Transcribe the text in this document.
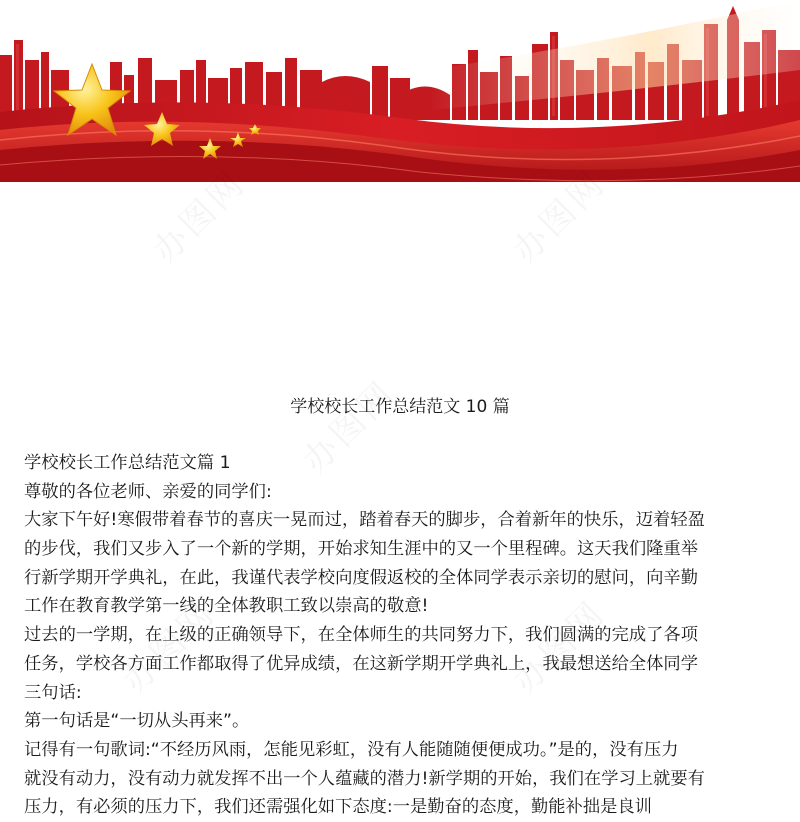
学校校长工作总结范文 10 篇
学校校长工作总结范文篇 1
尊敬的各位老师、亲爱的同学们:
大家下午好!寒假带着春节的喜庆一晃而过，踏着春天的脚步，合着新年的快乐，迈着轻盈
的步伐，我们又步入了一个新的学期，开始求知生涯中的又一个里程碑。这天我们隆重举
行新学期开学典礼，在此，我谨代表学校向度假返校的全体同学表示亲切的慰问，向辛勤
工作在教育教学第一线的全体教职工致以崇高的敬意!
过去的一学期，在上级的正确领导下，在全体师生的共同努力下，我们圆满的完成了各项
任务，学校各方面工作都取得了优异成绩，在这新学期开学典礼上，我最想送给全体同学
三句话:
第一句话是“一切从头再来”。
记得有一句歌词:“不经历风雨，怎能见彩虹，没有人能随随便便成功。”是的，没有压力
就没有动力，没有动力就发挥不出一个人蕴藏的潜力!新学期的开始，我们在学习上就要有
压力，有必须的压力下，我们还需强化如下态度:一是勤奋的态度，勤能补拙是良训
